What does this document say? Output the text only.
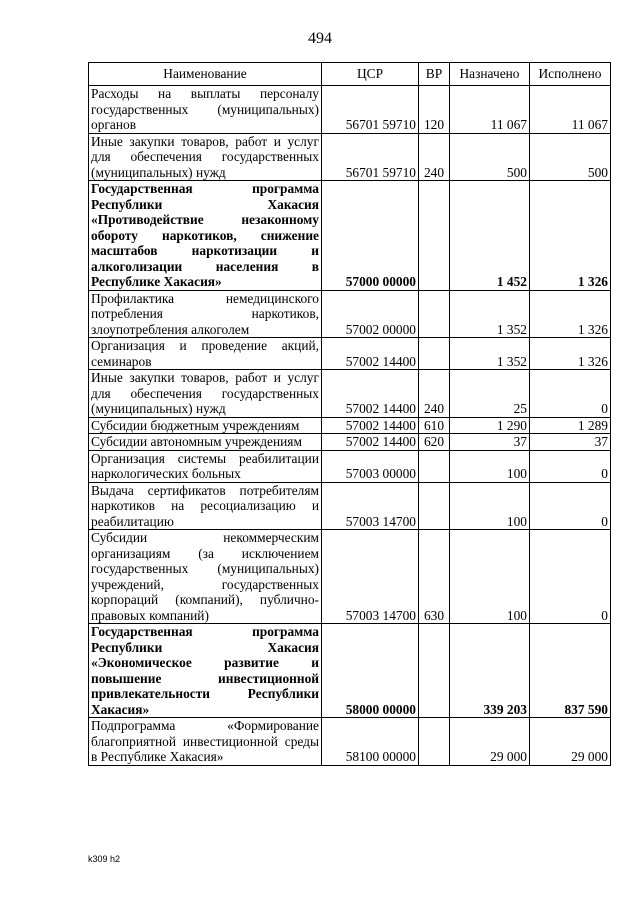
494
Наименование	ЦСР	ВР	Назначено	Исполнено
Расходы на выплаты персоналу государственных (муниципальных) органов	56701 59710	120	11 067	11 067
Иные закупки товаров, работ и услуг для обеспечения государственных (муниципальных) нужд	56701 59710	240	500	500
Государственная программа Республики Хакасия «Противодействие незаконному обороту наркотиков, снижение масштабов наркотизации и алкоголизации населения в Республике Хакасия»	57000 00000		1 452	1 326
Профилактика немедицинского потребления наркотиков, злоупотребления алкоголем	57002 00000		1 352	1 326
Организация и проведение акций, семинаров	57002 14400		1 352	1 326
Иные закупки товаров, работ и услуг для обеспечения государственных (муниципальных) нужд	57002 14400	240	25	0
Субсидии бюджетным учреждениям	57002 14400	610	1 290	1 289
Субсидии автономным учреждениям	57002 14400	620	37	37
Организация системы реабилитации наркологических больных	57003 00000		100	0
Выдача сертификатов потребителям наркотиков на ресоциализацию и реабилитацию	57003 14700		100	0
Субсидии некоммерческим организациям (за исключением государственных (муниципальных) учреждений, государственных корпораций (компаний), публично-правовых компаний)	57003 14700	630	100	0
Государственная программа Республики Хакасия «Экономическое развитие и повышение инвестиционной привлекательности Республики Хакасия»	58000 00000		339 203	837 590
Подпрограмма «Формирование благоприятной инвестиционной среды в Республике Хакасия»	58100 00000		29 000	29 000
k309 h2
